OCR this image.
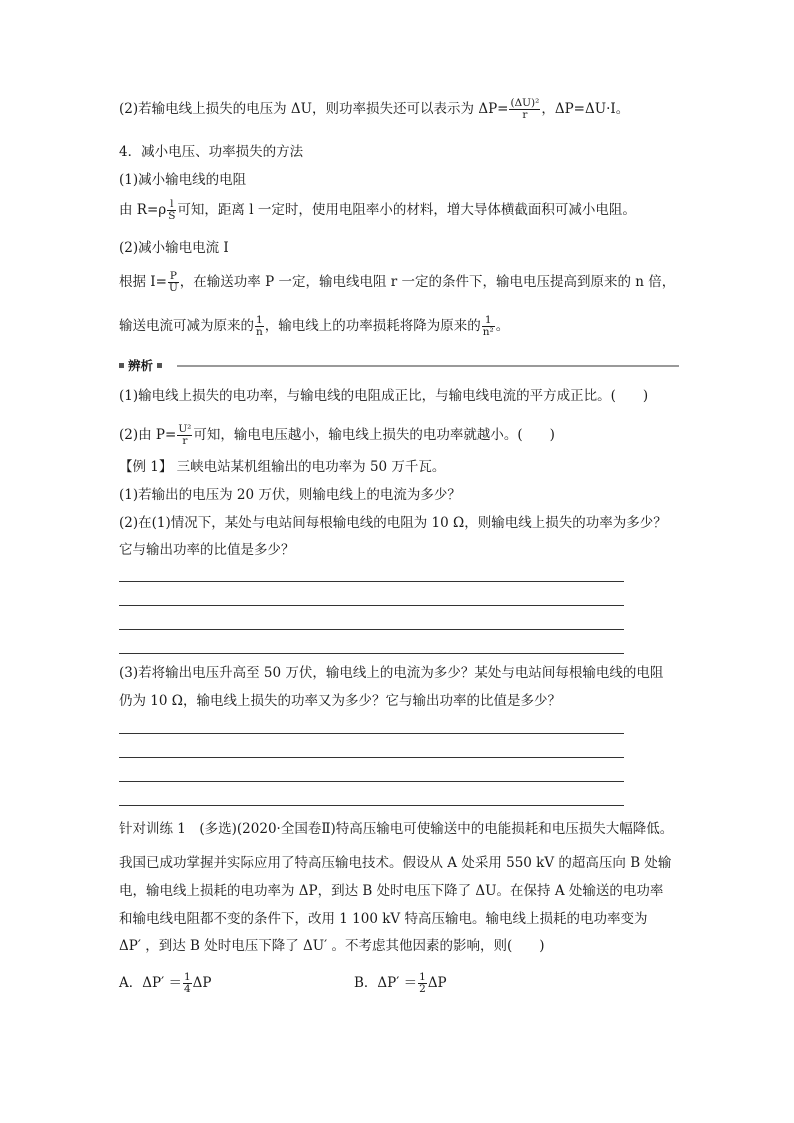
(2)若输电线上损失的电压为 ΔU，则功率损失还可以表示为 $\Delta P= \frac{\text{(ΔU)²}}{r}$ ，ΔP=ΔU·I。
4．减小电压、功率损失的方法
(1)减小输电线的电阻
由 $R=\rho \frac{l}{S}$ 可知，距离 l 一定时，使用电阻率小的材料，增大导体横截面积可减小电阻。
(2)减小输电电流 I
根据 $I= \frac{P}{U}$ ，在输送功率 P 一定，输电线电阻 r 一定的条件下，输电电压提高到原来的 n 倍，
输送电流可减为原来的 $\frac{1}{n}$ ，输电线上的功率损耗将降为原来的 $\frac{1}{\text{n²}}$ 。
辨析
(1)输电线上损失的电功率，与输电线的电阻成正比，与输电线电流的平方成正比。(　　)
(2)由 $P= \frac{\text{U²}}{r}$ 可知，输电电压越小，输电线上损失的电功率就越小。(　　)
【例 1】 三峡电站某机组输出的电功率为 50 万千瓦。
(1)若输出的电压为 20 万伏，则输电线上的电流为多少？
(2)在(1)情况下，某处与电站间每根输电线的电阻为 10 Ω，则输电线上损失的功率为多少？
它与输出功率的比值是多少？
(3)若将输出电压升高至 50 万伏，输电线上的电流为多少？某处与电站间每根输电线的电阻
仍为 10 Ω，输电线上损失的功率又为多少？它与输出功率的比值是多少？
针对训练 1　(多选)(2020·全国卷Ⅱ)特高压输电可使输送中的电能损耗和电压损失大幅降低。
我国已成功掌握并实际应用了特高压输电技术。假设从 A 处采用 550 kV 的超高压向 B 处输
电，输电线上损耗的电功率为 ΔP，到达 B 处时电压下降了 ΔU。在保持 A 处输送的电功率
和输电线电阻都不变的条件下，改用 1 100 kV 特高压输电。输电线上损耗的电功率变为
ΔP′ ，到达 B 处时电压下降了 ΔU′ 。不考虑其他因素的影响，则(　　)
A．$\Delta P' = \frac{1}{4}$ ΔP	B．$\Delta P' = \frac{1}{2}$ ΔP
